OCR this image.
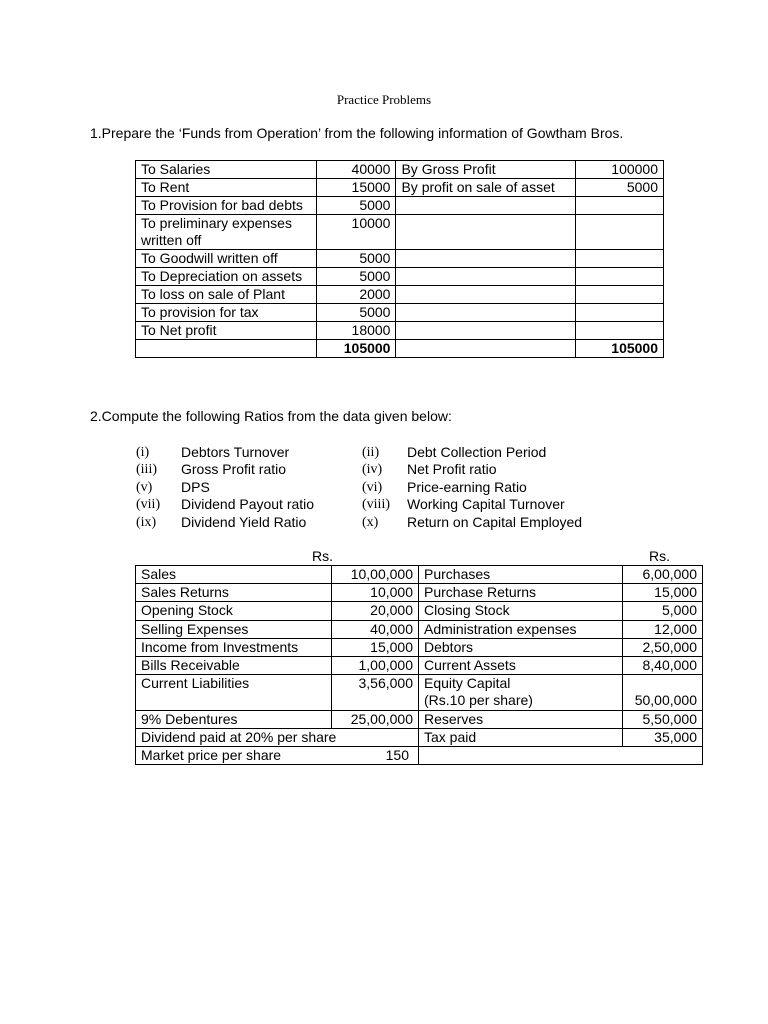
Practice Problems
1.Prepare the ‘Funds from Operation’ from the following information of Gowtham Bros.
To Salaries	40000	By Gross Profit	100000
To Rent	15000	By profit on sale of asset	5000
To Provision for bad debts	5000		
To preliminary expenses written off	10000		
To Goodwill written off	5000		
To Depreciation on assets	5000		
To loss on sale of Plant	2000		
To provision for tax	5000		
To Net profit	18000		
	105000		105000
2.Compute the following Ratios from the data given below:
(i) Debtors Turnover
(iii) Gross Profit ratio
(v) DPS
(vii) Dividend Payout ratio
(ix) Dividend Yield Ratio
(ii) Debt Collection Period
(iv) Net Profit ratio
(vi) Price-earning Ratio
(viii) Working Capital Turnover
(x) Return on Capital Employed
Rs.	Rs.
Sales	10,00,000	Purchases	6,00,000
Sales Returns	10,000	Purchase Returns	15,000
Opening Stock	20,000	Closing Stock	5,000
Selling Expenses	40,000	Administration expenses	12,000
Income from Investments	15,000	Debtors	2,50,000
Bills Receivable	1,00,000	Current Assets	8,40,000
Current Liabilities	3,56,000	Equity Capital
(Rs.10 per share)	50,00,000
9% Debentures	25,00,000	Reserves	5,50,000
Dividend paid at 20% per share		Tax paid	35,000

Market price per share 150			
